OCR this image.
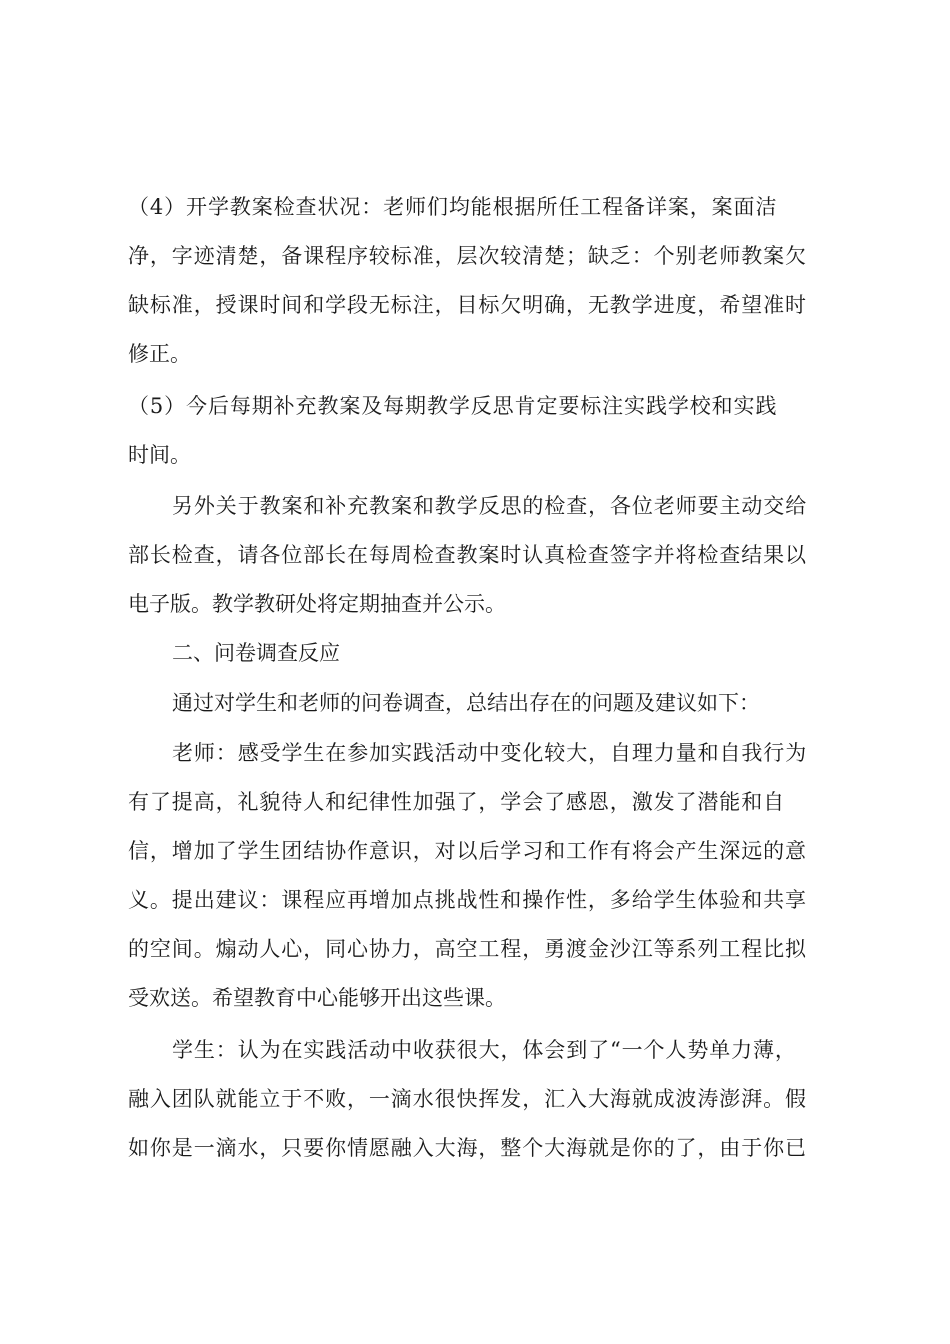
（4）开学教案检查状况：老师们均能根据所任工程备详案，案面洁
净，字迹清楚，备课程序较标准，层次较清楚；缺乏：个别老师教案欠
缺标准，授课时间和学段无标注，目标欠明确，无教学进度，希望准时
修正。
（5）今后每期补充教案及每期教学反思肯定要标注实践学校和实践
时间。
另外关于教案和补充教案和教学反思的检查，各位老师要主动交给
部长检查，请各位部长在每周检查教案时认真检查签字并将检查结果以
电子版。教学教研处将定期抽查并公示。
二、问卷调查反应
通过对学生和老师的问卷调查，总结出存在的问题及建议如下：
老师：感受学生在参加实践活动中变化较大，自理力量和自我行为
有了提高，礼貌待人和纪律性加强了，学会了感恩，激发了潜能和自
信，增加了学生团结协作意识，对以后学习和工作有将会产生深远的意
义。提出建议：课程应再增加点挑战性和操作性，多给学生体验和共享
的空间。煽动人心，同心协力，高空工程，勇渡金沙江等系列工程比拟
受欢送。希望教育中心能够开出这些课。
学生：认为在实践活动中收获很大，体会到了“一个人势单力薄，
融入团队就能立于不败，一滴水很快挥发，汇入大海就成波涛澎湃。假
如你是一滴水，只要你情愿融入大海，整个大海就是你的了，由于你已
